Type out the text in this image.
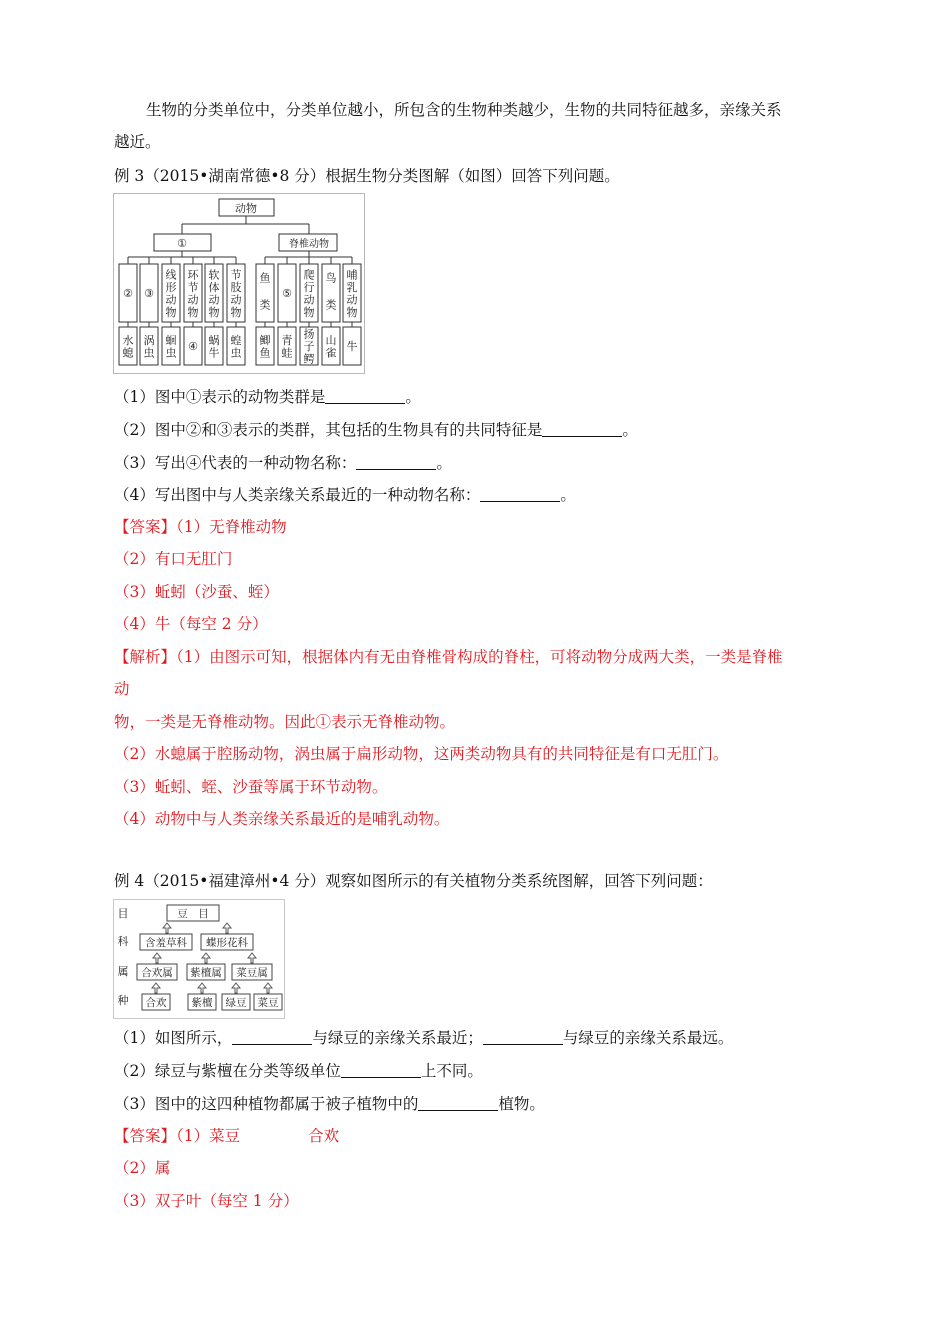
生物的分类单位中，分类单位越小，所包含的生物种类越少，生物的共同特征越多，亲缘关系
越近。
例 3（2015•湖南常德•8 分）根据生物分类图解（如图）回答下列问题。
动物
①	脊椎动物
② ③
线
形
动
物
环
节
动
物
软
体
动
物
节
肢
动
物
鱼
类
⑤
爬
行
动
物
鸟
类
哺
乳
动
物
水
螅
涡
虫
蛔
虫 ④ 蜗
牛
蝗
虫
鲫
鱼
青
蛙
扬
子
鳄
山
雀 牛
（1）图中①表示的动物类群是	。
（2）图中②和③表示的类群，其包括的生物具有的共同特征是	。
（3）写出④代表的一种动物名称：	。
（4）写出图中与人类亲缘关系最近的一种动物名称：	。
【答案】（1）无脊椎动物
（2）有口无肛门
（3）蚯蚓（沙蚕、蛭）
（4）牛（每空 2 分）
【解析】（1）由图示可知，根据体内有无由脊椎骨构成的脊柱，可将动物分成两大类，一类是脊椎
动
物，一类是无脊椎动物。因此①表示无脊椎动物。
（2）水螅属于腔肠动物，涡虫属于扁形动物，这两类动物具有的共同特征是有口无肛门。
（3）蚯蚓、蛭、沙蚕等属于环节动物。
（4）动物中与人类亲缘关系最近的是哺乳动物。
例 4（2015•福建漳州•4 分）观察如图所示的有关植物分类系统图解，回答下列问题：
目
科
属
种
豆　目
含羞草科 蝶形花科
合欢属 紫檀属 菜豆属
合欢 紫檀 绿豆 菜豆
（1）如图所示，	与绿豆的亲缘关系最近；	与绿豆的亲缘关系最远。
（2）绿豆与紫檀在分类等级单位	上不同。
（3）图中的这四种植物都属于被子植物中的	植物。
【答案】（1）菜豆	合欢
（2）属
（3）双子叶（每空 1 分）
